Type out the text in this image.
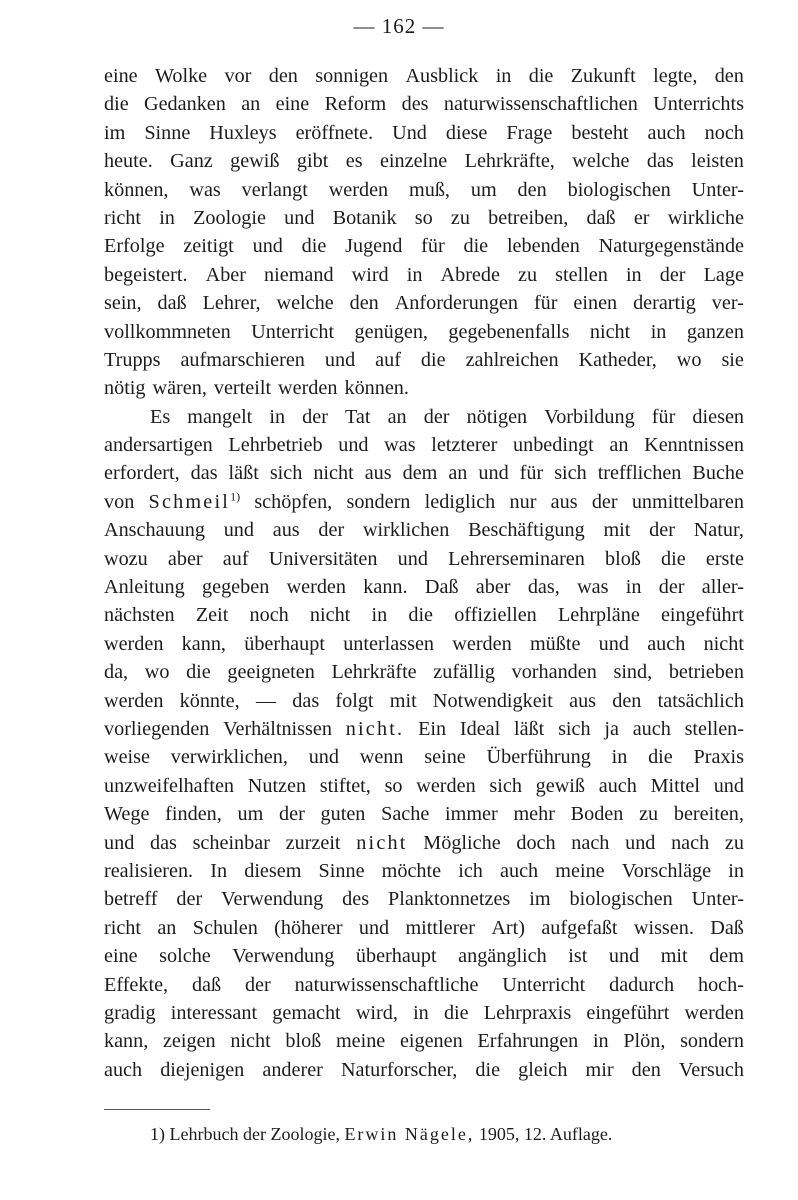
— 162 —
eine Wolke vor den sonnigen Ausblick in die Zukunft legte, den
die Gedanken an eine Reform des naturwissenschaftlichen Unterrichts
im Sinne Huxleys eröffnete. Und diese Frage besteht auch noch
heute. Ganz gewiß gibt es einzelne Lehrkräfte, welche das leisten
können, was verlangt werden muß, um den biologischen Unter-
richt in Zoologie und Botanik so zu betreiben, daß er wirkliche
Erfolge zeitigt und die Jugend für die lebenden Naturgegenstände
begeistert. Aber niemand wird in Abrede zu stellen in der Lage
sein, daß Lehrer, welche den Anforderungen für einen derartig ver-
vollkommneten Unterricht genügen, gegebenenfalls nicht in ganzen
Trupps aufmarschieren und auf die zahlreichen Katheder, wo sie
nötig wären, verteilt werden können.
Es mangelt in der Tat an der nötigen Vorbildung für diesen
andersartigen Lehrbetrieb und was letzterer unbedingt an Kenntnissen
erfordert, das läßt sich nicht aus dem an und für sich trefflichen Buche
von Schmeil$^{1)}$ schöpfen, sondern lediglich nur aus der unmittelbaren
Anschauung und aus der wirklichen Beschäftigung mit der Natur,
wozu aber auf Universitäten und Lehrerseminaren bloß die erste
Anleitung gegeben werden kann. Daß aber das, was in der aller-
nächsten Zeit noch nicht in die offiziellen Lehrpläne eingeführt
werden kann, überhaupt unterlassen werden müßte und auch nicht
da, wo die geeigneten Lehrkräfte zufällig vorhanden sind, betrieben
werden könnte, — das folgt mit Notwendigkeit aus den tatsächlich
vorliegenden Verhältnissen nicht. Ein Ideal läßt sich ja auch stellen-
weise verwirklichen, und wenn seine Überführung in die Praxis
unzweifelhaften Nutzen stiftet, so werden sich gewiß auch Mittel und
Wege finden, um der guten Sache immer mehr Boden zu bereiten,
und das scheinbar zurzeit nicht Mögliche doch nach und nach zu
realisieren. In diesem Sinne möchte ich auch meine Vorschläge in
betreff der Verwendung des Planktonnetzes im biologischen Unter-
richt an Schulen (höherer und mittlerer Art) aufgefaßt wissen. Daß
eine solche Verwendung überhaupt angänglich ist und mit dem
Effekte, daß der naturwissenschaftliche Unterricht dadurch hoch-
gradig interessant gemacht wird, in die Lehrpraxis eingeführt werden
kann, zeigen nicht bloß meine eigenen Erfahrungen in Plön, sondern
auch diejenigen anderer Naturforscher, die gleich mir den Versuch
1) Lehrbuch der Zoologie, Erwin Nägele, 1905, 12. Auflage.
